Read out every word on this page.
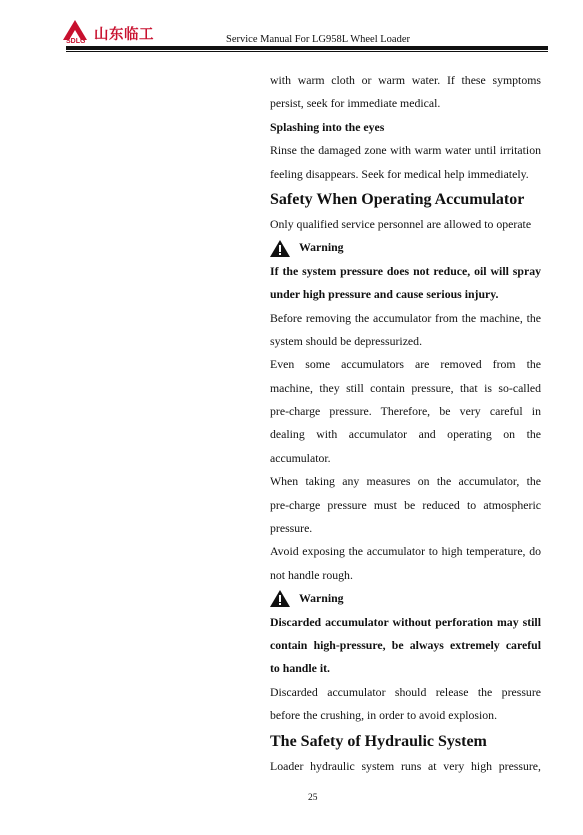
SDLG 山东临工	Service Manual For LG958L Wheel Loader
with warm cloth or warm water. If these symptoms
persist, seek for immediate medical.
Splashing into the eyes
Rinse the damaged zone with warm water until irritation
feeling disappears. Seek for medical help immediately.
Safety When Operating Accumulator
Only qualified service personnel are allowed to operate
Warning
If the system pressure does not reduce, oil will spray
under high pressure and cause serious injury.
Before removing the accumulator from the machine, the
system should be depressurized.
Even some accumulators are removed from the
machine, they still contain pressure, that is so-called
pre-charge pressure. Therefore, be very careful in
dealing with accumulator and operating on the
accumulator.
When taking any measures on the accumulator, the
pre-charge pressure must be reduced to atmospheric
pressure.
Avoid exposing the accumulator to high temperature, do
not handle rough.
Warning
Discarded accumulator without perforation may still
contain high-pressure, be always extremely careful
to handle it.
Discarded accumulator should release the pressure
before the crushing, in order to avoid explosion.
The Safety of Hydraulic System
Loader hydraulic system runs at very high pressure,
25
